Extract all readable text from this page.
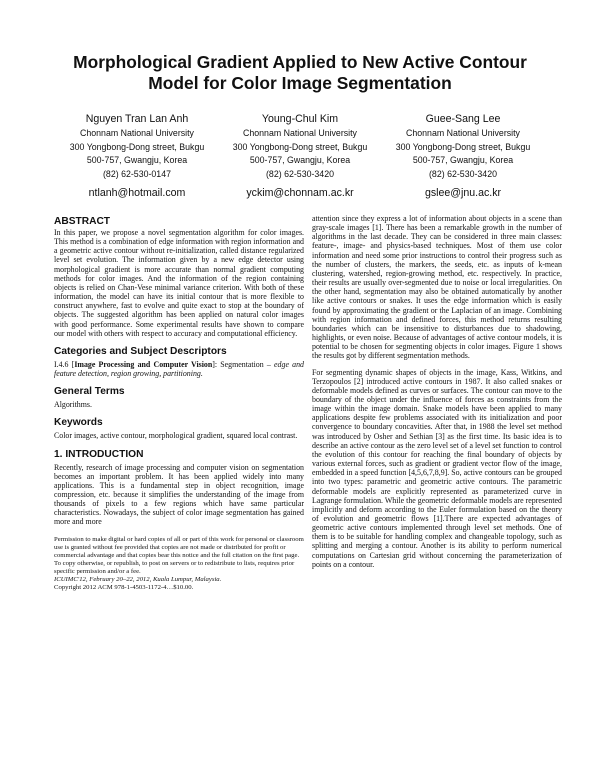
Morphological Gradient Applied to New Active Contour
Model for Color Image Segmentation
Nguyen Tran Lan Anh
Chonnam National University
300 Yongbong-Dong street, Bukgu
500-757, Gwangju, Korea
(82) 62-530-0147
ntlanh@hotmail.com
Young-Chul Kim
Chonnam National University
300 Yongbong-Dong street, Bukgu
500-757, Gwangju, Korea
(82) 62-530-3420
yckim@chonnam.ac.kr
Guee-Sang Lee
Chonnam National University
300 Yongbong-Dong street, Bukgu
500-757, Gwangju, Korea
(82) 62-530-3420
gslee@jnu.ac.kr
ABSTRACT

In this paper, we propose a novel segmentation algorithm for color images. This method is a combination of edge information with region information and a geometric active contour without re-initialization, called distance regularized level set evolution. The information given by a new edge detector using morphological gradient is more accurate than normal gradient computing methods for color images. And the information of the region containing objects is relied on Chan-Vese minimal variance criterion. With both of these information, the model can have its initial contour that is more flexible to construct anywhere, fast to evolve and quite exact to stop at the boundary of objects. The suggested algorithm has been applied on natural color images with good performance. Some experimental results have shown to compare our model with others with respect to accuracy and computational efficiency.

Categories and Subject Descriptors

I.4.6 [Image Processing and Computer Vision]: Segmentation – edge and feature detection, region growing, partitioning.

General Terms

Algorithms.

Keywords

Color images, active contour, morphological gradient, squared local contrast.

1. INTRODUCTION

Recently, research of image processing and computer vision on segmentation becomes an important problem. It has been applied widely into many applications. This is a fundamental step in object recognition, image compression, etc. because it simplifies the understanding of the image from thousands of pixels to a few regions which have same particular characteristics. Nowadays, the subject of color image segmentation has gained more and more

Permission to make digital or hard copies of all or part of this work for personal or classroom use is granted without fee provided that copies are not made or distributed for profit or commercial advantage and that copies bear this notice and the full citation on the first page. To copy otherwise, or republish, to post on servers or to redistribute to lists, requires prior specific permission and/or a fee.
ICUIMC'12, February 20–22, 2012, Kuala Lumpur, Malaysia.
Copyright 2012 ACM 978-1-4503-1172-4…$10.00.

attention since they express a lot of information about objects in a scene than gray-scale images [1]. There has been a remarkable growth in the number of algorithms in the last decade. They can be considered in three main classes: feature-, image- and physics-based techniques. Most of them use color information and need some prior instructions to control their progress such as the number of clusters, the markers, the seeds, etc. as inputs of k-mean clustering, watershed, region-growing method, etc. respectively. In practice, their results are usually over-segmented due to noise or local irregularities. On the other hand, segmentation may also be obtained automatically by another like active contours or snakes. It uses the edge information which is easily found by approximating the gradient or the Laplacian of an image. Combining with region information and defined forces, this method returns resulting boundaries which can be insensitive to disturbances due to shadowing, highlights, or even noise. Because of advantages of active contour models, it is potential to be chosen for segmenting objects in color images. Figure 1 shows the results got by different segmentation methods.

For segmenting dynamic shapes of objects in the image, Kass, Witkins, and Terzopoulos [2] introduced active contours in 1987. It also called snakes or deformable models defined as curves or surfaces. The contour can move to the boundary of the object under the influence of forces as constraints from the image within the image domain. Snake models have been applied to many applications despite few problems associated with its initialization and poor convergence to boundary concavities. After that, in 1988 the level set method was introduced by Osher and Sethian [3] as the first time. Its basic idea is to describe an active contour as the zero level set of a level set function to control the evolution of this contour for reaching the final boundary of objects by various external forces, such as gradient or gradient vector flow of the image, embedded in a speed function [4,5,6,7,8,9]. So, active contours can be grouped into two types: parametric and geometric active contours. The parametric deformable models are explicitly represented as parameterized curve in Lagrange formulation. While the geometric deformable models are represented implicitly and deform according to the Euler formulation based on the theory of evolution and geometric flows [1].There are expected advantages of geometric active contours implemented through level set methods. One of them is to be suitable for handling complex and changeable topology, such as splitting and merging a contour. Another is its ability to perform numerical computations on Cartesian grid without concerning the parameterization of points on a contour.
